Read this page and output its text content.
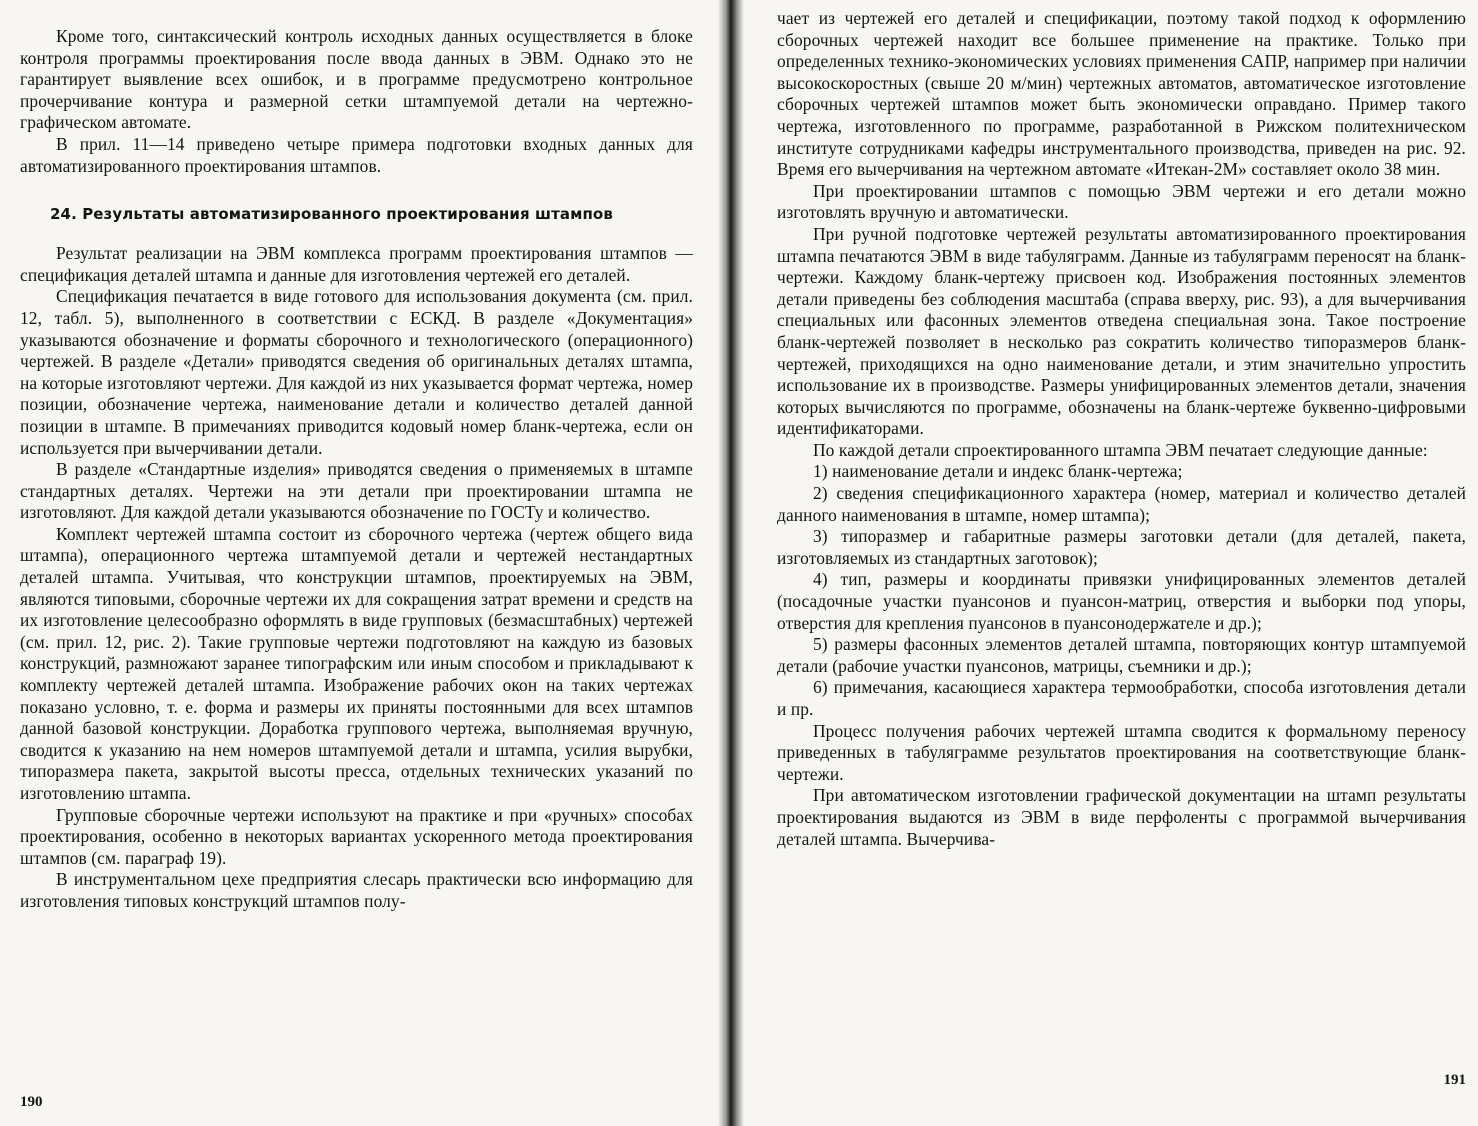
Кроме того, синтаксический контроль исходных данных осуществляется в блоке контроля программы проектирования после ввода данных в ЭВМ. Однако это не гарантирует выявление всех ошибок, и в программе предусмотрено контрольное прочерчивание контура и размерной сетки штампуемой детали на чертежно-графическом автомате.

В прил. 11—14 приведено четыре примера подготовки входных данных для автоматизированного проектирования штампов.

24. Результаты автоматизированного проектирования штампов

Результат реализации на ЭВМ комплекса программ проектирования штампов — спецификация деталей штампа и данные для изготовления чертежей его деталей.

Спецификация печатается в виде готового для использования документа (см. прил. 12, табл. 5), выполненного в соответствии с ЕСКД. В разделе «Документация» указываются обозначение и форматы сборочного и технологического (операционного) чертежей. В разделе «Детали» приводятся сведения об оригинальных деталях штампа, на которые изготовляют чертежи. Для каждой из них указывается формат чертежа, номер позиции, обозначение чертежа, наименование детали и количество деталей данной позиции в штампе. В примечаниях приводится кодовый номер бланк-чертежа, если он используется при вычерчивании детали.

В разделе «Стандартные изделия» приводятся сведения о применяемых в штампе стандартных деталях. Чертежи на эти детали при проектировании штампа не изготовляют. Для каждой детали указываются обозначение по ГОСТу и количество.

Комплект чертежей штампа состоит из сборочного чертежа (чертеж общего вида штампа), операционного чертежа штампуемой детали и чертежей нестандартных деталей штампа. Учитывая, что конструкции штампов, проектируемых на ЭВМ, являются типовыми, сборочные чертежи их для сокращения затрат времени и средств на их изготовление целесообразно оформлять в виде групповых (безмасштабных) чертежей (см. прил. 12, рис. 2). Такие групповые чертежи подготовляют на каждую из базовых конструкций, размножают заранее типографским или иным способом и прикладывают к комплекту чертежей деталей штампа. Изображение рабочих окон на таких чертежах показано условно, т. е. форма и размеры их приняты постоянными для всех штампов данной базовой конструкции. Доработка группового чертежа, выполняемая вручную, сводится к указанию на нем номеров штампуемой детали и штампа, усилия вырубки, типоразмера пакета, закрытой высоты пресса, отдельных технических указаний по изготовлению штампа.

Групповые сборочные чертежи используют на практике и при «ручных» способах проектирования, особенно в некоторых вариантах ускоренного метода проектирования штампов (см. параграф 19).

В инструментальном цехе предприятия слесарь практически всю информацию для изготовления типовых конструкций штампов полу-

190

чает из чертежей его деталей и спецификации, поэтому такой подход к оформлению сборочных чертежей находит все большее применение на практике. Только при определенных технико-экономических условиях применения САПР, например при наличии высокоскоростных (свыше 20 м/мин) чертежных автоматов, автоматическое изготовление сборочных чертежей штампов может быть экономически оправдано. Пример такого чертежа, изготовленного по программе, разработанной в Рижском политехническом институте сотрудниками кафедры инструментального производства, приведен на рис. 92. Время его вычерчивания на чертежном автомате «Итекан-2М» составляет около 38 мин.

При проектировании штампов с помощью ЭВМ чертежи и его детали можно изготовлять вручную и автоматически.

При ручной подготовке чертежей результаты автоматизированного проектирования штампа печатаются ЭВМ в виде табуляграмм. Данные из табуляграмм переносят на бланк-чертежи. Каждому бланк-чертежу присвоен код. Изображения постоянных элементов детали приведены без соблюдения масштаба (справа вверху, рис. 93), а для вычерчивания специальных или фасонных элементов отведена специальная зона. Такое построение бланк-чертежей позволяет в несколько раз сократить количество типоразмеров бланк-чертежей, приходящихся на одно наименование детали, и этим значительно упростить использование их в производстве. Размеры унифицированных элементов детали, значения которых вычисляются по программе, обозначены на бланк-чертеже буквенно-цифровыми идентификаторами.

По каждой детали спроектированного штампа ЭВМ печатает следующие данные:

1) наименование детали и индекс бланк-чертежа;

2) сведения спецификационного характера (номер, материал и количество деталей данного наименования в штампе, номер штампа);

3) типоразмер и габаритные размеры заготовки детали (для деталей, пакета, изготовляемых из стандартных заготовок);

4) тип, размеры и координаты привязки унифицированных элементов деталей (посадочные участки пуансонов и пуансон-матриц, отверстия и выборки под упоры, отверстия для крепления пуансонов в пуансонодержателе и др.);

5) размеры фасонных элементов деталей штампа, повторяющих контур штампуемой детали (рабочие участки пуансонов, матрицы, съемники и др.);

6) примечания, касающиеся характера термообработки, способа изготовления детали и пр.

Процесс получения рабочих чертежей штампа сводится к формальному переносу приведенных в табуляграмме результатов проектирования на соответствующие бланк-чертежи.

При автоматическом изготовлении графической документации на штамп результаты проектирования выдаются из ЭВМ в виде перфоленты с программой вычерчивания деталей штампа. Вычерчива-

191
